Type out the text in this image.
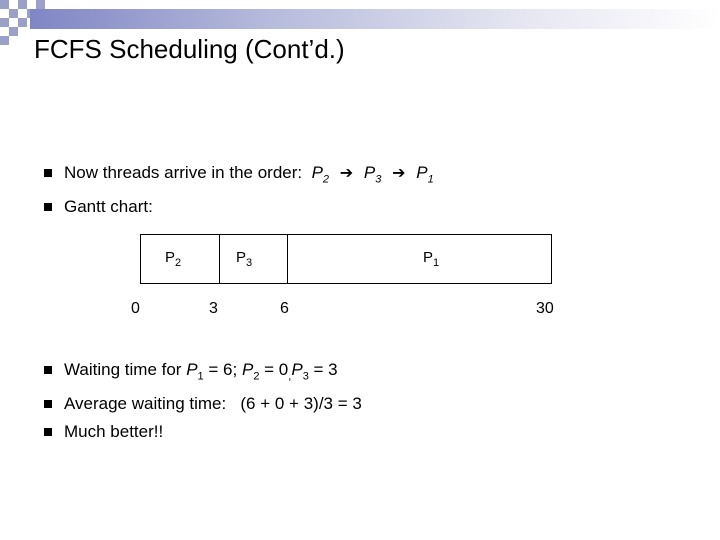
FCFS Scheduling (Cont’d.)
Now threads arrive in the order: $P_2$ ➔ $P_3$ ➔ $P_1$
Gantt chart:
$P_2$	$P_3$	$P_1$
0	3	6	30
Waiting time for $P_1 = 6$; $P_2 = 0_,P_3 = 3$
Average waiting time:   (6 + 0 + 3)/3 = 3
Much better!!
